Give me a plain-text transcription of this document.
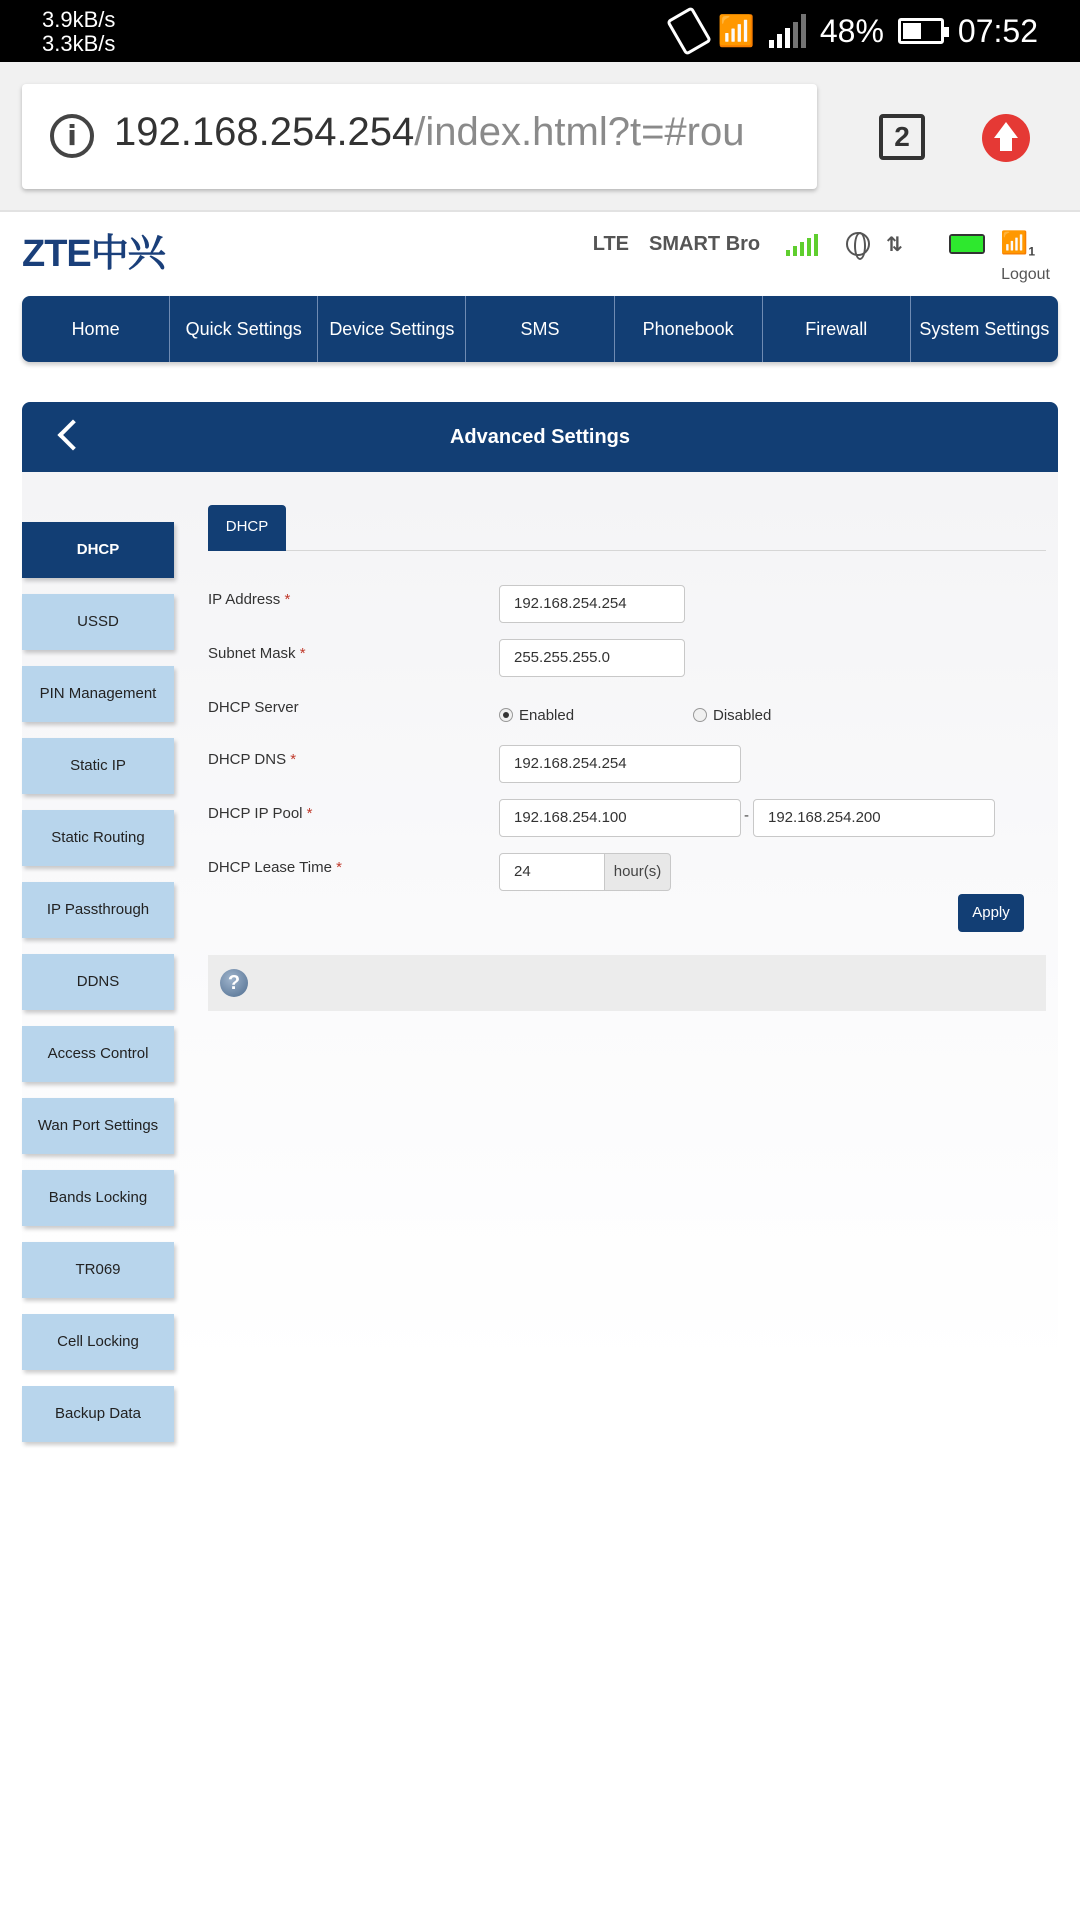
3.9kB/s
3.3kB/s	📶 48% 07:52
i 192.168.254.254/index.html?t=#rou	2
ZTE中兴	LTE SMART Bro	⇅	$📶_1$
Logout
Home	Quick Settings	Device Settings	SMS	Phonebook	Firewall	System Settings
Advanced Settings
DHCP
USSD
PIN Management
Static IP
Static Routing
IP Passthrough
DDNS
Access Control
Wan Port Settings
Bands Locking
TR069
Cell Locking
Backup Data
DHCP
IP Address *	192.168.254.254
Subnet Mask *	255.255.255.0
DHCP Server	Enabled	Disabled
DHCP DNS *	192.168.254.254
DHCP IP Pool *	192.168.254.100	-	192.168.254.200
DHCP Lease Time *	24	hour(s)
Apply
?
